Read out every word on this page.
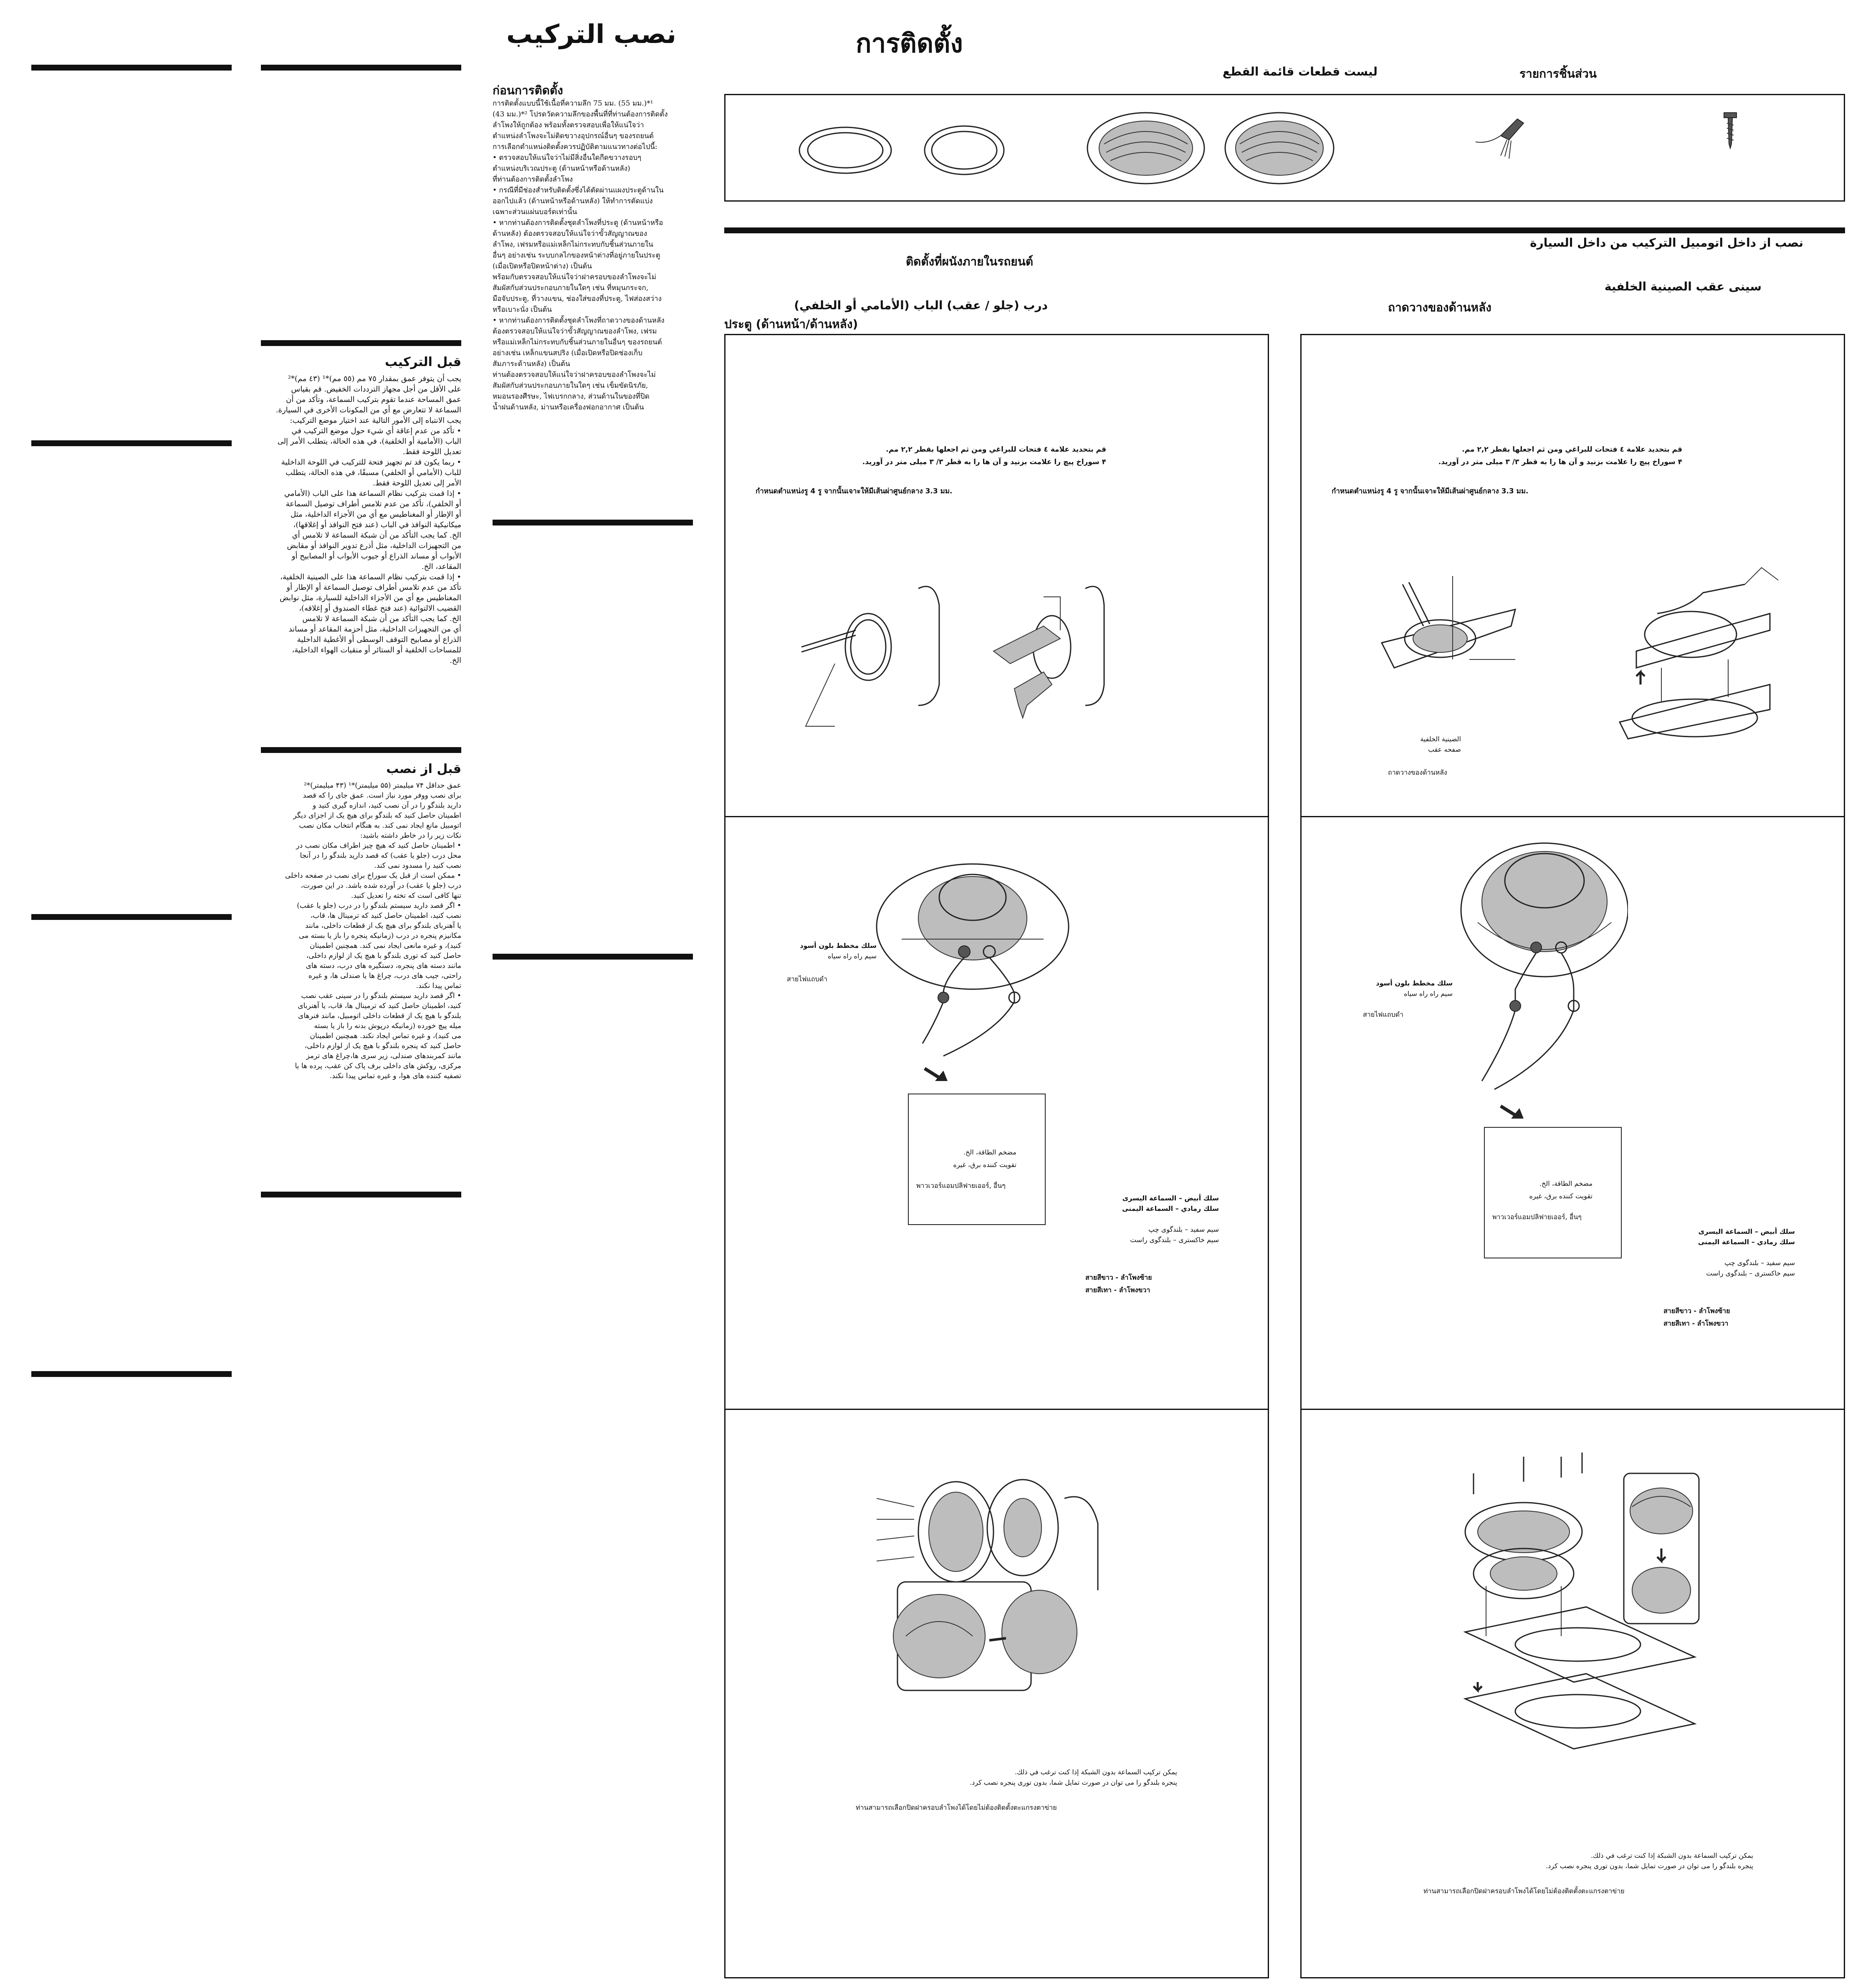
قبل التركيب
يجب أن يتوفر عمق بمقدار ٧٥ مم (٥٥ مم)*¹ (٤٣ مم)*²
على الأقل من أجل مجهاز الترددات الخفيض. قم بقياس
عمق المساحة عندما تقوم بتركيب السماعة، وتأكد من أن
السماعة لا تتعارض مع أي من المكونات الأخرى في السيارة.
يجب الانتباه إلى الأمور التالية عند اختيار موضع التركيب:
• تأكد من عدم إعاقة أي شيء حول موضع التركيب في
الباب (الأمامية أو الخلفية)، في هذه الحالة، يتطلب الأمر إلى
تعديل اللوحة فقط.
• ربما يكون قد تم تجهيز فتحة للتركيب في اللوحة الداخلية
للباب (الأمامي أو الخلفي) مسبقًا، في هذه الحالة، يتطلب
الأمر إلى تعديل اللوحة فقط.
• إذا قمت بتركيب نظام السماعة هذا على الباب (الأمامي
أو الخلفي)، تأكد من عدم تلامس أطراف توصيل السماعة
أو الإطار أو المغناطيس مع أي من الأجزاء الداخلية، مثل
ميكانيكية النوافذ في الباب (عند فتح النوافذ أو إغلاقها)،
الخ. كما يجب التأكد من أن شبكة السماعة لا تلامس أي
من التجهيزات الداخلية، مثل أذرع تدوير النوافذ أو مقابض
الأبواب أو مساند الذراع أو جيوب الأبواب أو المصابيح أو
المقاعد، الخ.
• إذا قمت بتركيب نظام السماعة هذا على الصينية الخلفية،
تأكد من عدم تلامس أطراف توصيل السماعة أو الإطار أو
المغناطيس مع أي من الأجزاء الداخلية للسيارة، مثل نوابض
القضيب الالتوائية (عند فتح غطاء الصندوق أو إغلاقه)،
الخ. كما يجب التأكد من أن شبكة السماعة لا تلامس
أي من التجهيزات الداخلية، مثل أحزمة المقاعد أو مساند
الذراع أو مصابيح التوقف الوسطى أو الأغطية الداخلية
للمساحات الخلفية أو الستائر أو منقيات الهواء الداخلية،
الخ.
قبل از نصب
عمق حداقل ۷۴ میلیمتر (۵۵ میلیمتر)*¹ (۴۳ میلیمتر)*²
برای نصب ووفر مورد نیاز است. عمق جای را که قصد
دارید بلندگو را در آن نصب کنید، اندازه گیری کنید و
اطمینان حاصل کنید که بلندگو برای هیچ یک از اجزای دیگر
اتومبیل مانع ایجاد نمی کند. به هنگام انتخاب مکان نصب
نکات زیر را در خاطر داشته باشید:
• اطمینان حاصل کنید که هیچ چیز اطراف مکان نصب در
محل درب (جلو یا عقب) که قصد دارید بلندگو را در آنجا
نصب کنید را مسدود نمی کند.
• ممکن است از قبل یک سوراخ برای نصب در صفحه داخلی
درب (جلو یا عقب) در آورده شده باشد. در این صورت،
تنها کافی است که تخته را تعدیل کنید.
• اگر قصد دارید سیستم بلندگو را در درب (جلو یا عقب)
نصب کنید، اطمینان حاصل کنید که ترمینال ها، قاب،
یا آهنربای بلندگو برای هیچ یک از قطعات داخلی، مانند
مکانیزم پنجره در درب (زمانیکه پنجره را باز یا بسته می
کنید)، و غیره مانعی ایجاد نمی کند. همچنین اطمینان
حاصل کنید که توری بلندگو با هیچ یک از لوازم داخلی،
مانند دسته های پنجره، دستگیره های درب، دسته های
راحتی، جیب های درب، چراغ ها یا صندلی ها، و غیره
تماس پیدا نکند.
• اگر قصد دارید سیستم بلندگو را در سینی عقب نصب
کنید، اطمینان حاصل کنید که ترمینال ها، قاب، یا آهنربای
بلندگو با هیچ یک از قطعات داخلی اتومبیل، مانند فنرهای
میله پیچ خورده (زمانیکه درپوش بدنه را باز یا بسته
می کنید)، و غیره تماس ایجاد نکند. همچنین اطمینان
حاصل کنید که پنجره بلندگو با هیچ یک از لوازم داخلی،
مانند کمربندهای صندلی، زیر سری ها،چراغ های ترمز
مرکزی، روکش های داخلی برف پاک کن عقب، پرده ها یا
تصفیه کننده های هوا، و غیره تماس پیدا نکند.
نصب التركيب	การติดตั้ง
ก่อนการติดตั้ง
การติดตั้งแบบนี้ใช้เนื้อที่ความลึก 75 มม. (55 มม.)*¹
(43 มม.)*² โปรดวัดความลึกของพื้นที่ที่ท่านต้องการติดตั้ง
ลำโพงให้ถูกต้อง พร้อมทั้งตรวจสอบเพื่อให้แน่ใจว่า
ตำแหน่งลำโพงจะไม่ติดขวางอุปกรณ์อื่นๆ ของรถยนต์
การเลือกตำแหน่งติดตั้งควรปฏิบัติตามแนวทางต่อไปนี้:
• ตรวจสอบให้แน่ใจว่าไม่มีสิ่งอื่นใดกีดขวางรอบๆ
ตำแหน่งบริเวณประตู (ด้านหน้าหรือด้านหลัง)
ที่ท่านต้องการติดตั้งลำโพง
• กรณีที่มีช่องสำหรับติดตั้งซึ่งได้ตัดผ่านแผงประตูด้านใน
ออกไปแล้ว (ด้านหน้าหรือด้านหลัง) ให้ทำการตัดแบ่ง
เฉพาะส่วนแผ่นบอร์ดเท่านั้น
• หากท่านต้องการติดตั้งชุดลำโพงที่ประตู (ด้านหน้าหรือ
ด้านหลัง) ต้องตรวจสอบให้แน่ใจว่าขั้วสัญญาณของ
ลำโพง, เฟรมหรือแม่เหล็กไม่กระทบกับชิ้นส่วนภายใน
อื่นๆ อย่างเช่น ระบบกลไกของหน้าต่างที่อยู่ภายในประตู
(เมื่อเปิดหรือปิดหน้าต่าง) เป็นต้น
พร้อมกับตรวจสอบให้แน่ใจว่าฝาครอบของลำโพงจะไม่
สัมผัสกับส่วนประกอบภายในใดๆ เช่น ที่หมุนกระจก,
มือจับประตู, ที่วางแขน, ช่องใส่ของที่ประตู, ไฟส่องสว่าง
หรือเบาะนั่ง เป็นต้น
• หากท่านต้องการติดตั้งชุดลำโพงที่ถาดวางของด้านหลัง
ต้องตรวจสอบให้แน่ใจว่าขั้วสัญญาณของลำโพง, เฟรม
หรือแม่เหล็กไม่กระทบกับชิ้นส่วนภายในอื่นๆ ของรถยนต์
อย่างเช่น เหล็กแขนสปริง (เมื่อเปิดหรือปิดช่องเก็บ
สัมภาระด้านหลัง) เป็นต้น
ท่านต้องตรวจสอบให้แน่ใจว่าฝาครอบของลำโพงจะไม่
สัมผัสกับส่วนประกอบภายในใดๆ เช่น เข็มขัดนิรภัย,
หมอนรองศีรษะ, ไฟเบรกกลาง, ส่วนด้านในของที่ปิด
น้ำฝนด้านหลัง, ม่านหรือเครื่องฟอกอากาศ เป็นต้น
ليست قطعات قائمة القطع	รายการชิ้นส่วน
نصب از داخل اتومبيل التركيب من داخل السيارة
ติดตั้งที่ผนังภายในรถยนต์
درب (جلو / عقب) الباب (الأمامي أو الخلفي)
ประตู (ด้านหน้า/ด้านหลัง)
سینی عقب الصينية الخلفية
ถาดวางของด้านหลัง
قم بتحديد علامة ٤ فتحات للبراغي ومن ثم اجعلها بقطر ٢,٢ مم.
۴ سوراخ پیچ را علامت بزنید و آن ها را به قطر ۳/ ۳ میلی متر در آورید.
กำหนดตำแหน่งรู 4 รู จากนั้นเจาะให้มีเส้นผ่าศูนย์กลาง 3.3 มม.
سلك مخطط بلون أسود
سیم راه راه سیاه
สายไฟแถบดำ
مضخم الطاقة، الخ.
تقویت کننده برق، غیره
พาวเวอร์แอมปลิฟายเออร์, อื่นๆ
سلك أبيض – السماعة اليسرى
سلك رمادي – السماعة اليمنى
سیم سفید – بلندگوی چپ
سیم خاکستری – بلندگوی راست
สายสีขาว - ลำโพงซ้าย
สายสีเทา - ลำโพงขวา
يمكن تركيب السماعة بدون الشبكة إذا كنت ترغب في ذلك.
پنجره بلندگو را می توان در صورت تمایل شما، بدون توری پنجره نصب کرد.
ท่านสามารถเลือกปิดฝาครอบลำโพงได้โดยไม่ต้องติดตั้งตะแกรงตาข่าย
قم بتحديد علامة ٤ فتحات للبراغي ومن ثم اجعلها بقطر ٢,٢ مم.
۴ سوراخ پیچ را علامت بزنید و آن ها را به قطر ۳/ ۳ میلی متر در آورید.
กำหนดตำแหน่งรู 4 รู จากนั้นเจาะให้มีเส้นผ่าศูนย์กลาง 3.3 มม.
الصينية الخلفية
صفحه عقب
ถาดวางของด้านหลัง
سلك مخطط بلون أسود
سیم راه راه سیاه
สายไฟแถบดำ
مضخم الطاقة، الخ.
تقویت کننده برق، غیره
พาวเวอร์แอมปลิฟายเออร์, อื่นๆ
سلك أبيض – السماعة اليسرى
سلك رمادي – السماعة اليمنى
سیم سفید – بلندگوی چپ
سیم خاکستری – بلندگوی راست
สายสีขาว - ลำโพงซ้าย
สายสีเทา - ลำโพงขวา
يمكن تركيب السماعة بدون الشبكة إذا كنت ترغب في ذلك.
پنجره بلندگو را می توان در صورت تمایل شما، بدون توری پنجره نصب کرد.
ท่านสามารถเลือกปิดฝาครอบลำโพงได้โดยไม่ต้องติดตั้งตะแกรงตาข่าย
